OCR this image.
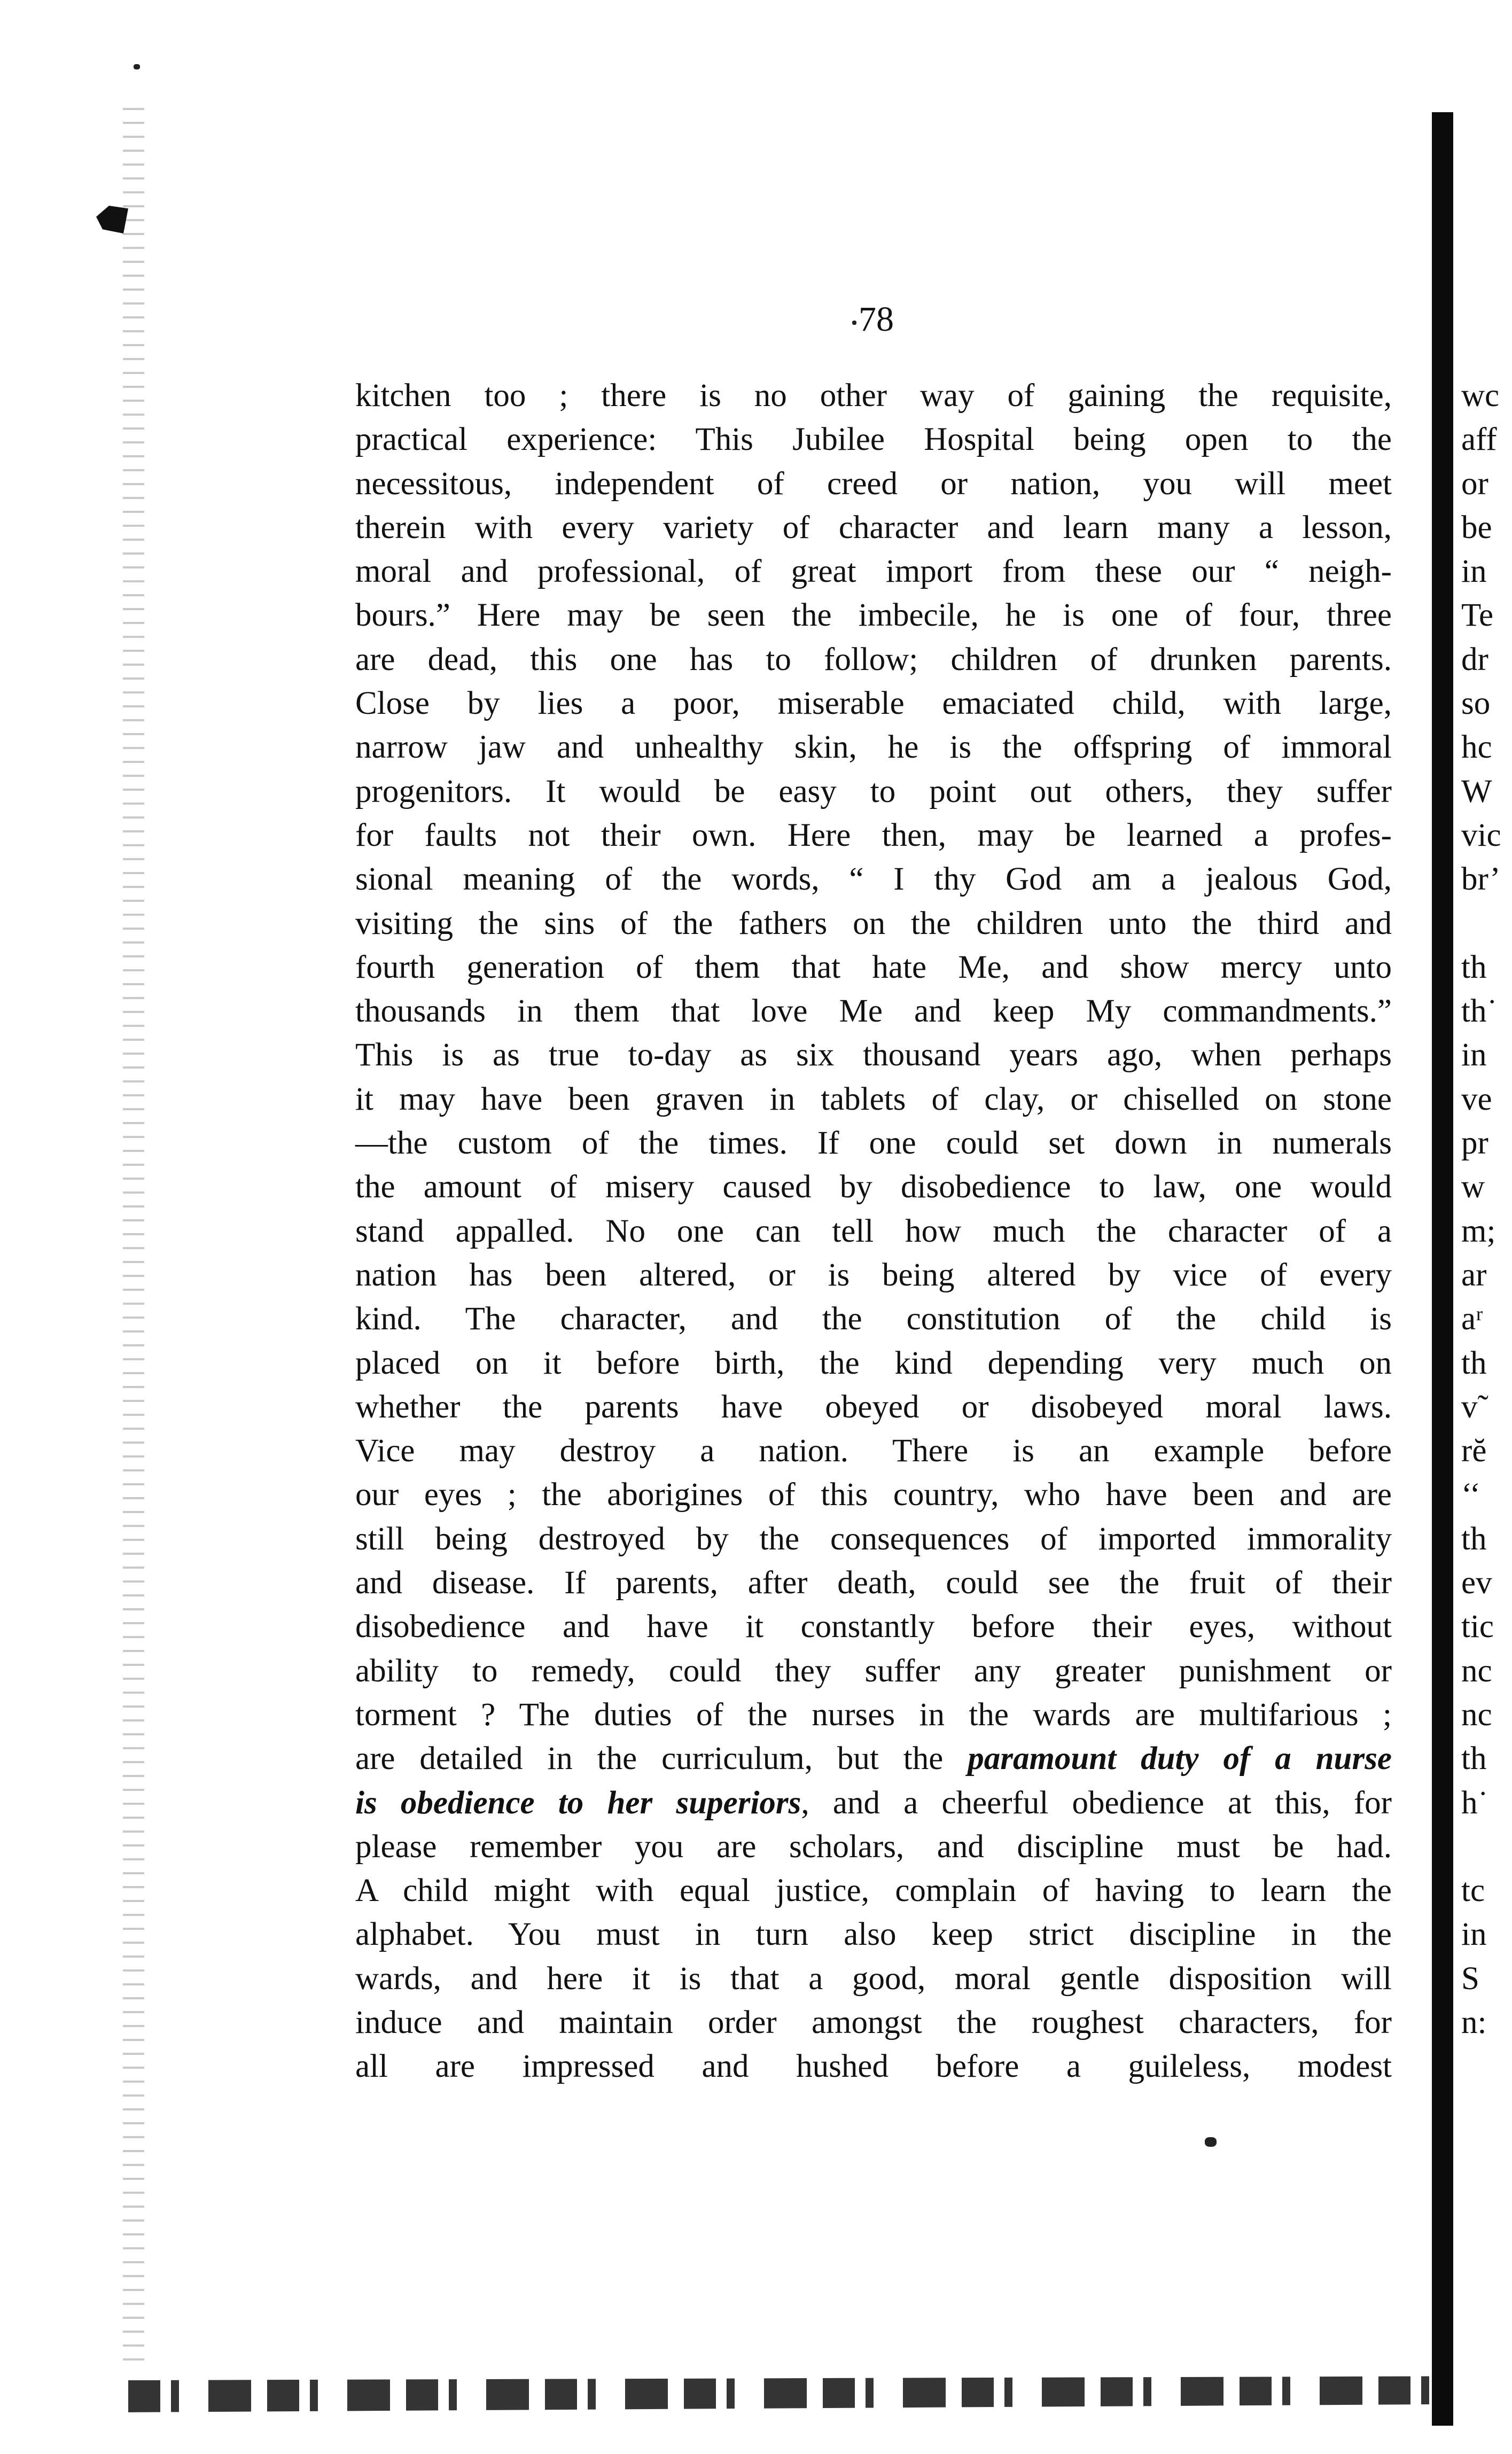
78
kitchen too ; there is no other way of gaining the requisite,
practical experience: This Jubilee Hospital being open to the
necessitous, independent of creed or nation, you will meet
therein with every variety of character and learn many a lesson,
moral and professional, of great import from these our “ neigh-
bours.” Here may be seen the imbecile, he is one of four, three
are dead, this one has to follow; children of drunken parents.
Close by lies a poor, miserable emaciated child, with large,
narrow jaw and unhealthy skin, he is the offspring of immoral
progenitors. It would be easy to point out others, they suffer
for faults not their own. Here then, may be learned a profes-
sional meaning of the words, “ I thy God am a jealous God,
visiting the sins of the fathers on the children unto the third and
fourth generation of them that hate Me, and show mercy unto
thousands in them that love Me and keep My commandments.”
This is as true to-day as six thousand years ago, when perhaps
it may have been graven in tablets of clay, or chiselled on stone
—the custom of the times. If one could set down in numerals
the amount of misery caused by disobedience to law, one would
stand appalled. No one can tell how much the character of a
nation has been altered, or is being altered by vice of every
kind. The character, and the constitution of the child is
placed on it before birth, the kind depending very much on
whether the parents have obeyed or disobeyed moral laws.
Vice may destroy a nation. There is an example before
our eyes ; the aborigines of this country, who have been and are
still being destroyed by the consequences of imported immorality
and disease. If parents, after death, could see the fruit of their
disobedience and have it constantly before their eyes, without
ability to remedy, could they suffer any greater punishment or
torment ? The duties of the nurses in the wards are multifarious ;
are detailed in the curriculum, but the paramount duty of a nurse
is obedience to her superiors, and a cheerful obedience at this, for
please remember you are scholars, and discipline must be had.
A child might with equal justice, complain of having to learn the
alphabet. You must in turn also keep strict discipline in the
wards, and here it is that a good, moral gentle disposition will
induce and maintain order amongst the roughest characters, for
all are impressed and hushed before a guileless, modest
wc
aff
or
be
in
Te
dr
so
hc
W
vic
br’
th
th˙
in
ve
pr
w
m;
ar
aʳ
th
v˜
rĕ
‘‘
th
ev
tic
nc
nc
th
h˙
tc
in
S
n:
